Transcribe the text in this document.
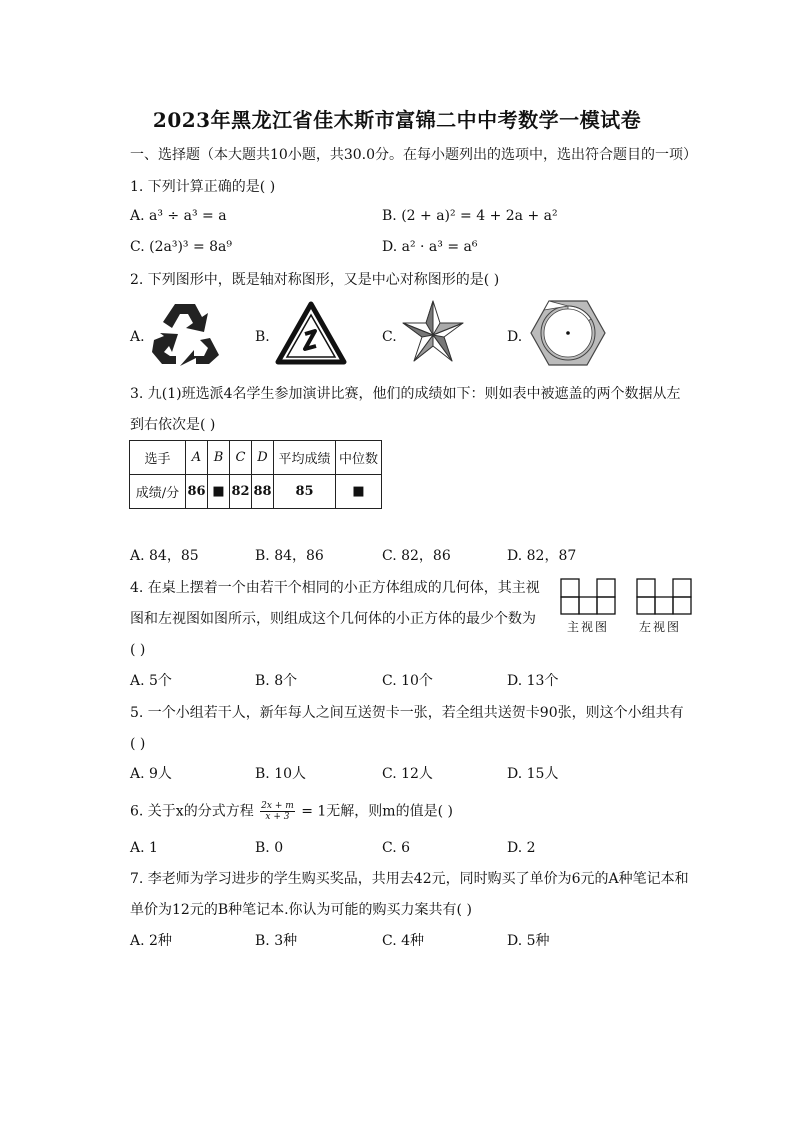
2023年黑龙江省佳木斯市富锦二中中考数学一模试卷
一、选择题（本大题共10小题，共30.0分。在每小题列出的选项中，选出符合题目的一项）
1. 下列计算正确的是( )
A. a³ ÷ a³ = a	B. (2 + a)² = 4 + 2a + a²
C. (2a³)³ = 8a⁹	D. a² · a³ = a⁶
2. 下列图形中，既是轴对称图形，又是中心对称图形的是( )
A.	B.	C.	D.
3. 九(1)班选派4名学生参加演讲比赛，他们的成绩如下：则如表中被遮盖的两个数据从左
到右依次是( )
选手	A	B	C	D	平均成绩	中位数
成绩/分	86	■	82	88	85	■
A. 84，85	B. 84，86	C. 82，86	D. 82，87
4. 在桌上摆着一个由若干个相同的小正方体组成的几何体，其主视
图和左视图如图所示，则组成这个几何体的小正方体的最少个数为
( )
主视图 左视图
A. 5个	B. 8个	C. 10个	D. 13个
5. 一个小组若干人，新年每人之间互送贺卡一张，若全组共送贺卡90张，则这个小组共有
( )
A. 9人	B. 10人	C. 12人	D. 15人
6. 关于x的分式方程 $\frac{2x + m}{x + 3} = 1$无解，则m的值是( )
A. 1	B. 0	C. 6	D. 2
7. 李老师为学习进步的学生购买奖品，共用去42元，同时购买了单价为6元的A种笔记本和
单价为12元的B种笔记本.你认为可能的购买力案共有( )
A. 2种	B. 3种	C. 4种	D. 5种
